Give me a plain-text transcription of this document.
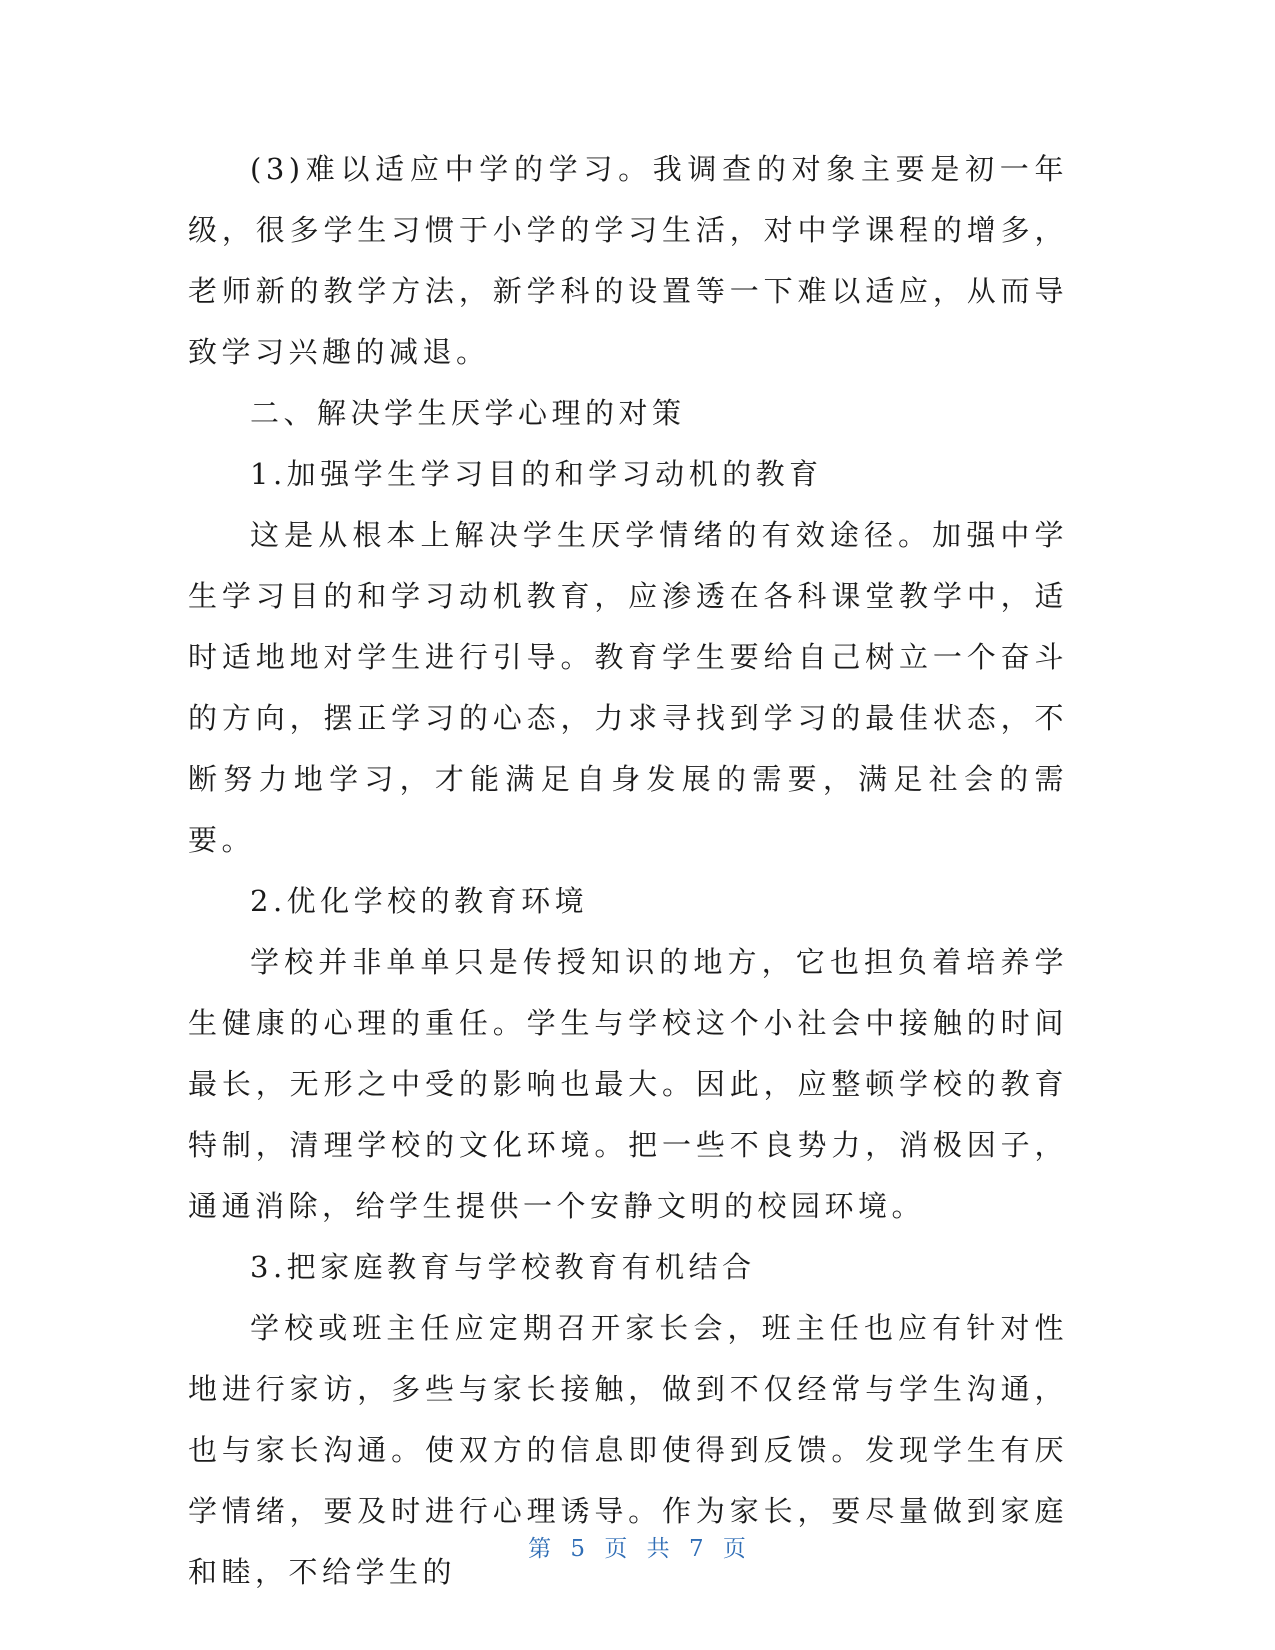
(3)难以适应中学的学习。我调查的对象主要是初一年级，很多学生习惯于小学的学习生活，对中学课程的增多，老师新的教学方法，新学科的设置等一下难以适应，从而导致学习兴趣的减退。

二、解决学生厌学心理的对策

1.加强学生学习目的和学习动机的教育

这是从根本上解决学生厌学情绪的有效途径。加强中学生学习目的和学习动机教育，应渗透在各科课堂教学中，适时适地地对学生进行引导。教育学生要给自己树立一个奋斗的方向，摆正学习的心态，力求寻找到学习的最佳状态，不断努力地学习，才能满足自身发展的需要，满足社会的需要。

2.优化学校的教育环境

学校并非单单只是传授知识的地方，它也担负着培养学生健康的心理的重任。学生与学校这个小社会中接触的时间最长，无形之中受的影响也最大。因此，应整顿学校的教育特制，清理学校的文化环境。把一些不良势力，消极因子，通通消除，给学生提供一个安静文明的校园环境。

3.把家庭教育与学校教育有机结合

学校或班主任应定期召开家长会，班主任也应有针对性地进行家访，多些与家长接触，做到不仅经常与学生沟通，也与家长沟通。使双方的信息即使得到反馈。发现学生有厌学情绪，要及时进行心理诱导。作为家长，要尽量做到家庭和睦，不给学生的

第 5 页 共 7 页
